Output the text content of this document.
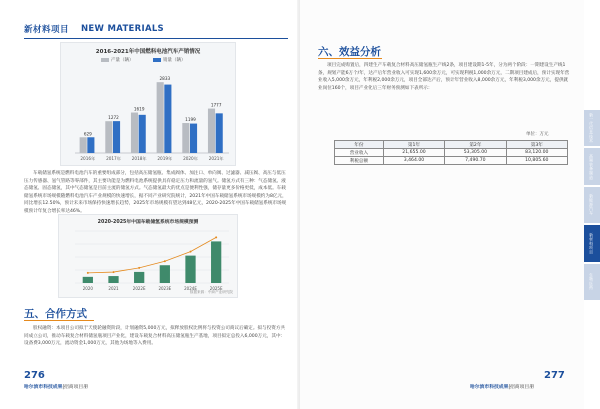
新材料项目 NEW MATERIALS
2016-2021年中国燃料电池汽车产销情况
产量（辆）	销量（辆）
629
2016年
1272
2017年
1619
2018年
2833
2019年
1199
2020年
1777
2021年
车载储氢系统是燃料电池汽车的重要组成部分，包括高压储氢瓶、集成阀体、加注口、单向阀、过滤器、减压阀、高压与低压压力传感器、氢气管路等零部件，其主要功能是为燃料电池系统提供具有稳定压力和流量的氢气。储氢方式有三种：气态储氢、液态储氢、固态储氢，其中气态储氢是目前主流的储氢方式。气态储氢最大的优点是便利性强，储存量更多价格更低，成本低。车载储氢系统市场规模随燃料电池汽车产业规模的快速增长，据不同产业研究院统计，2021年中国车载储氢系统市场规模约为8亿元，同比增长12.50%，预计未来市场保持快速增长趋势，2025年市场规模有望达到48亿元，2020-2025年中国车载储氢系统市场规模预计年复合增长率达46%。
2020-2025年中国车载储氢系统市场规模预测
2020	2021	2022E	2023E	2024E	2025E
数据来源：中商产业研究院
五、合作方式
股权融资：本项目公司拟于天使轮融资阶段，计划融资5,000万元，拟释放股权比例将与投资公司商议后确定。拟与投资方共同成立公司，推动车载复合材料储氢瓶项目产业化，建设车载复合材料高压储氢瓶生产基地，项目拟定总投入6,000万元，其中：设备费3,000万元，流动资金1,000万元，其他为场地等入费用。
276
哈尔滨市科技成果|招商项目册
六、效益分析
项目完成购置后，四建生产车载复合材料高压储氢瓶生产线2条，项目建设期1-5年，分为两个阶段：一期建设生产线1条，规划产能6万个/年，达产后年营业收入可实现1,600余万元，可实现利税1,000余万元，二期项目建成后，预计实现年营业收入5,000余万元，年利税2,000余万元，项目全部达产后，预计年营业收入8,000余万元，年利税3,000余万元，提供就业岗位160个，项目产业化后三年财务预测如下表所示：
单位：万元
年份	第1年	第2年	第3年
营业收入	21,655.00	53,305.00	83,120.00
利税总额	3,464.00	7,490.70	10,805.60
277
哈尔滨市科技成果|招商项目册
新一代信息技术
高端装备制造
新能源汽车
新材料项目
生物医药
